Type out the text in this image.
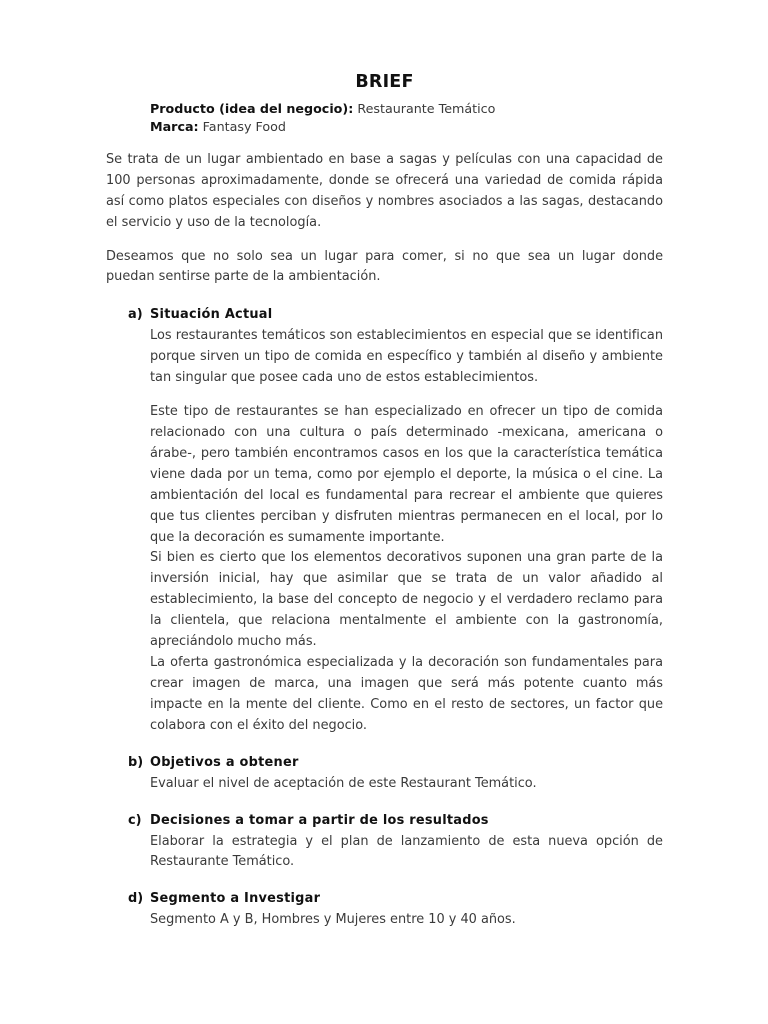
BRIEF
Producto (idea del negocio): Restaurante Temático
Marca: Fantasy Food

Se trata de un lugar ambientado en base a sagas y películas con una capacidad de 100 personas aproximadamente, donde se ofrecerá una variedad de comida rápida así como platos especiales con diseños y nombres asociados a las sagas, destacando el servicio y uso de la tecnología.

Deseamos que no solo sea un lugar para comer, si no que sea un lugar donde puedan sentirse parte de la ambientación.

a) Situación Actual

Los restaurantes temáticos son establecimientos en especial que se identifican porque sirven un tipo de comida en específico y también al diseño y ambiente tan singular que posee cada uno de estos establecimientos.

Este tipo de restaurantes se han especializado en ofrecer un tipo de comida relacionado con una cultura o país determinado -mexicana, americana o árabe-, pero también encontramos casos en los que la característica temática viene dada por un tema, como por ejemplo el deporte, la música o el cine. La ambientación del local es fundamental para recrear el ambiente que quieres que tus clientes perciban y disfruten mientras permanecen en el local, por lo que la decoración es sumamente importante.

Si bien es cierto que los elementos decorativos suponen una gran parte de la inversión inicial, hay que asimilar que se trata de un valor añadido al establecimiento, la base del concepto de negocio y el verdadero reclamo para la clientela, que relaciona mentalmente el ambiente con la gastronomía, apreciándolo mucho más.

La oferta gastronómica especializada y la decoración son fundamentales para crear imagen de marca, una imagen que será más potente cuanto más impacte en la mente del cliente. Como en el resto de sectores, un factor que colabora con el éxito del negocio.

b) Objetivos a obtener

Evaluar el nivel de aceptación de este Restaurant Temático.

c) Decisiones a tomar a partir de los resultados

Elaborar la estrategia y el plan de lanzamiento de esta nueva opción de Restaurante Temático.

d) Segmento a Investigar

Segmento A y B, Hombres y Mujeres entre 10 y 40 años.
